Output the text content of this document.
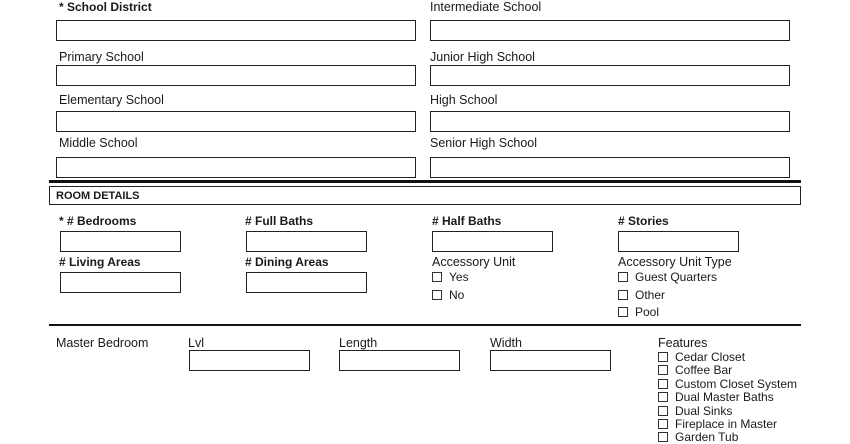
* School District	Intermediate School
Primary School	Junior High School
Elementary School	High School
Middle School	Senior High School
ROOM DETAILS
* # Bedrooms	# Full Baths	# Half Baths	# Stories
# Living Areas	# Dining Areas	Accessory Unit
Yes
No
Accessory Unit Type
Guest Quarters
Other
Pool
Master Bedroom	Lvl	Length	Width	Features
Cedar Closet
Coffee Bar
Custom Closet System
Dual Master Baths
Dual Sinks
Fireplace in Master
Garden Tub
